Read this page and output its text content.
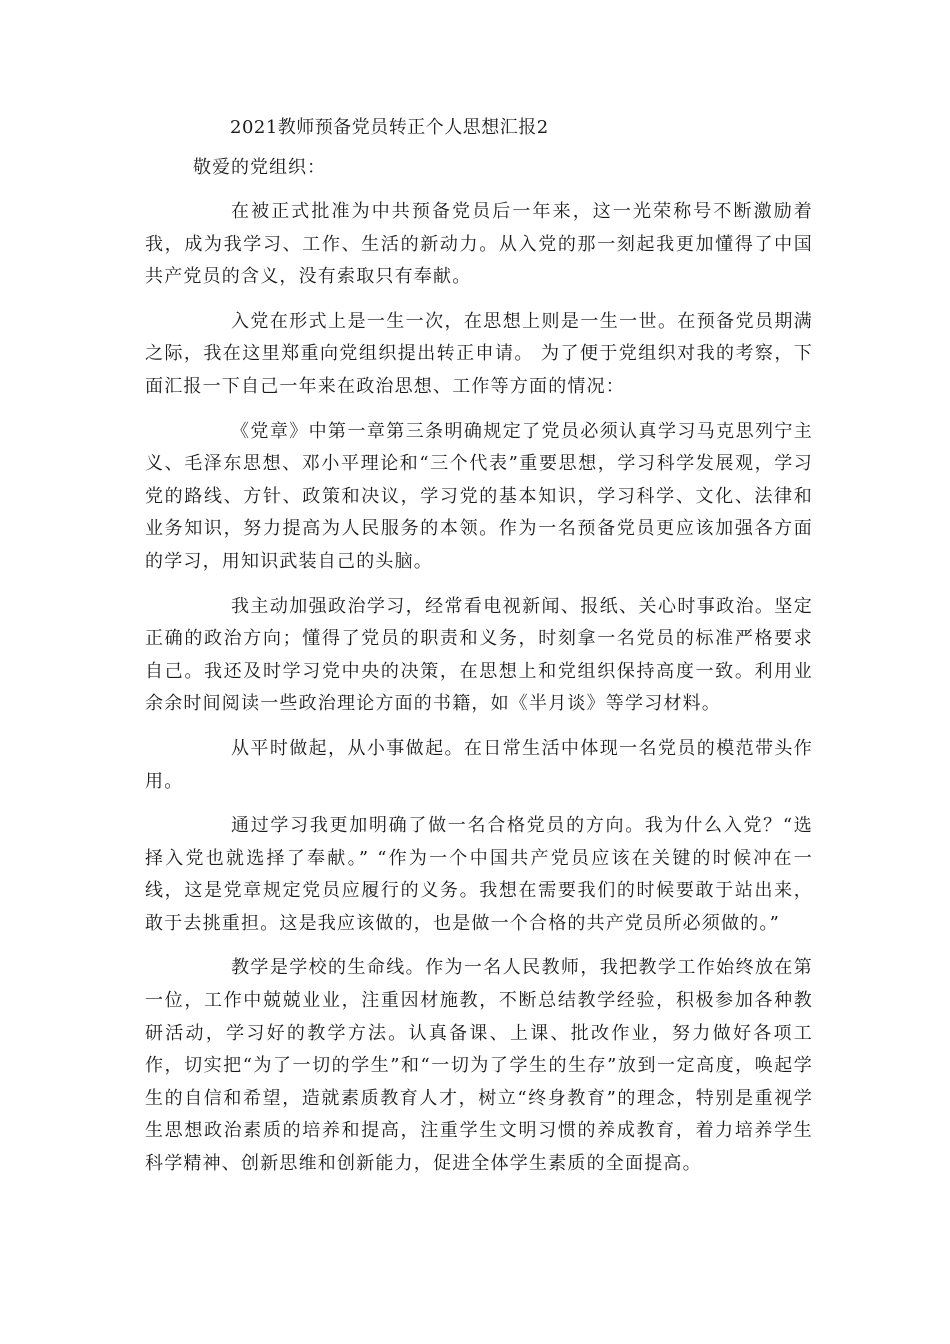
2021教师预备党员转正个人思想汇报2
敬爱的党组织：

在被正式批准为中共预备党员后一年来，这一光荣称号不断激励着我，成为我学习、工作、生活的新动力。从入党的那一刻起我更加懂得了中国共产党员的含义，没有索取只有奉献。

入党在形式上是一生一次，在思想上则是一生一世。在预备党员期满之际，我在这里郑重向党组织提出转正申请。 为了便于党组织对我的考察，下面汇报一下自己一年来在政治思想、工作等方面的情况：

《党章》中第一章第三条明确规定了党员必须认真学习马克思列宁主义、毛泽东思想、邓小平理论和“三个代表”重要思想，学习科学发展观，学习党的路线、方针、政策和决议，学习党的基本知识，学习科学、文化、法律和业务知识，努力提高为人民服务的本领。作为一名预备党员更应该加强各方面的学习，用知识武装自己的头脑。

我主动加强政治学习，经常看电视新闻、报纸、关心时事政治。坚定正确的政治方向；懂得了党员的职责和义务，时刻拿一名党员的标准严格要求自己。我还及时学习党中央的决策，在思想上和党组织保持高度一致。利用业余余时间阅读一些政治理论方面的书籍，如《半月谈》等学习材料。

从平时做起，从小事做起。在日常生活中体现一名党员的模范带头作用。

通过学习我更加明确了做一名合格党员的方向。我为什么入党？“选择入党也就选择了奉献。” “作为一个中国共产党员应该在关键的时候冲在一线，这是党章规定党员应履行的义务。我想在需要我们的时候要敢于站出来，敢于去挑重担。这是我应该做的，也是做一个合格的共产党员所必须做的。”

教学是学校的生命线。作为一名人民教师，我把教学工作始终放在第一位，工作中兢兢业业，注重因材施教，不断总结教学经验，积极参加各种教研活动，学习好的教学方法。认真备课、上课、批改作业，努力做好各项工作，切实把“为了一切的学生”和“一切为了学生的生存”放到一定高度，唤起学生的自信和希望，造就素质教育人才，树立“终身教育”的理念，特别是重视学生思想政治素质的培养和提高，注重学生文明习惯的养成教育，着力培养学生科学精神、创新思维和创新能力，促进全体学生素质的全面提高。
